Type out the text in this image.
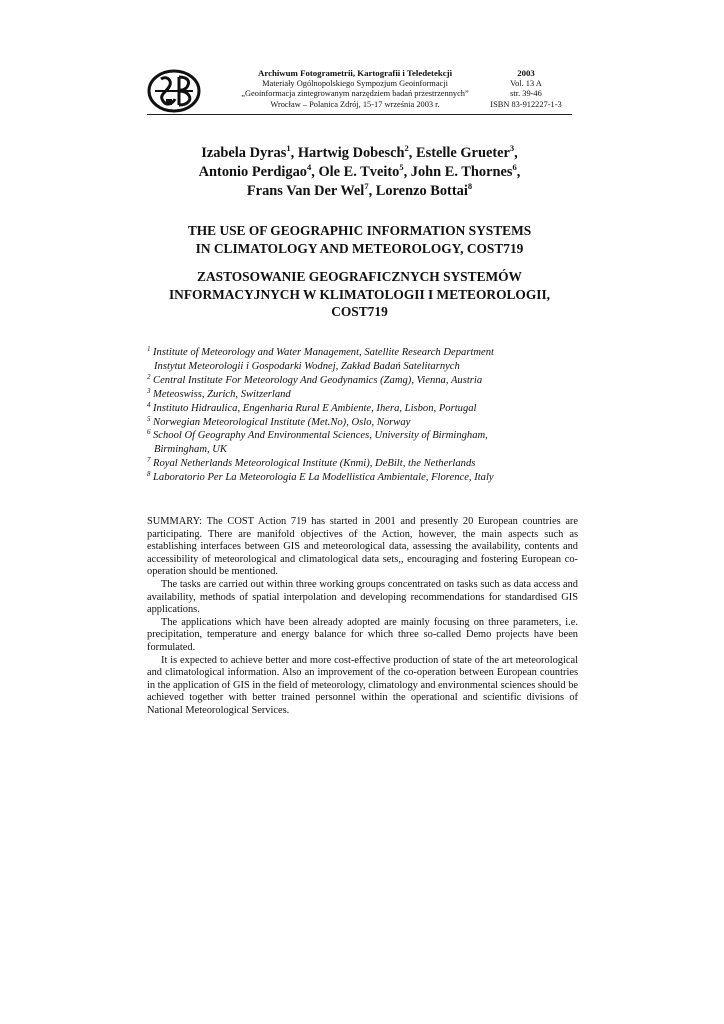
Archiwum Fotogrametrii, Kartografii i Teledetekcji
Materiały Ogólnopolskiego Sympozjum Geoinformacji
„Geoinformacja zintegrowanym narzędziem badań przestrzennych”
Wrocław – Polanica Zdrój, 15-17 września 2003 r.
2003
Vol. 13 A
str. 39-46
ISBN 83-912227-1-3
Izabela Dyras$^1$, Hartwig Dobesch$^2$, Estelle Grueter$^3$,
Antonio Perdigao$^4$, Ole E. Tveito$^5$, John E. Thornes$^6$,
Frans Van Der Wel$^7$, Lorenzo Bottai$^8$
THE USE OF GEOGRAPHIC INFORMATION SYSTEMS
IN CLIMATOLOGY AND METEOROLOGY, COST719
ZASTOSOWANIE GEOGRAFICZNYCH SYSTEMÓW
INFORMACYJNYCH W KLIMATOLOGII I METEOROLOGII,
COST719
$^1$ Institute of Meteorology and Water Management, Satellite Research Department
Instytut Meteorologii i Gospodarki Wodnej, Zakład Badań Satelitarnych
$^2$ Central Institute For Meteorology And Geodynamics (Zamg), Vienna, Austria
$^3$ Meteoswiss, Zurich, Switzerland
$^4$ Instituto Hidraulica, Engenharia Rural E Ambiente, Ihera, Lisbon, Portugal
$^5$ Norwegian Meteorological Institute (Met.No), Oslo, Norway
$^6$ School Of Geography And Environmental Sciences, University of Birmingham,
Birmingham, UK
$^7$ Royal Netherlands Meteorological Institute (Knmi), DeBilt, the Netherlands
$^8$ Laboratorio Per La Meteorologia E La Modellistica Ambientale, Florence, Italy

SUMMARY: The COST Action 719 has started in 2001 and presently 20 European countries are participating. There are manifold objectives of the Action, however, the main aspects such as establishing interfaces between GIS and meteorological data, assessing the availability, contents and accessibility of meteorological and climatological data sets,, encouraging and fostering European co-operation should be mentioned.

The tasks are carried out within three working groups concentrated on tasks such as data access and availability, methods of spatial interpolation and developing recommendations for standardised GIS applications.

The applications which have been already adopted are mainly focusing on three parameters, i.e. precipitation, temperature and energy balance for which three so-called Demo projects have been formulated.

It is expected to achieve better and more cost-effective production of state of the art meteorological and climatological information. Also an improvement of the co-operation between European countries in the application of GIS in the field of meteorology, climatology and environmental sciences should be achieved together with better trained personnel within the operational and scientific divisions of National Meteorological Services.
